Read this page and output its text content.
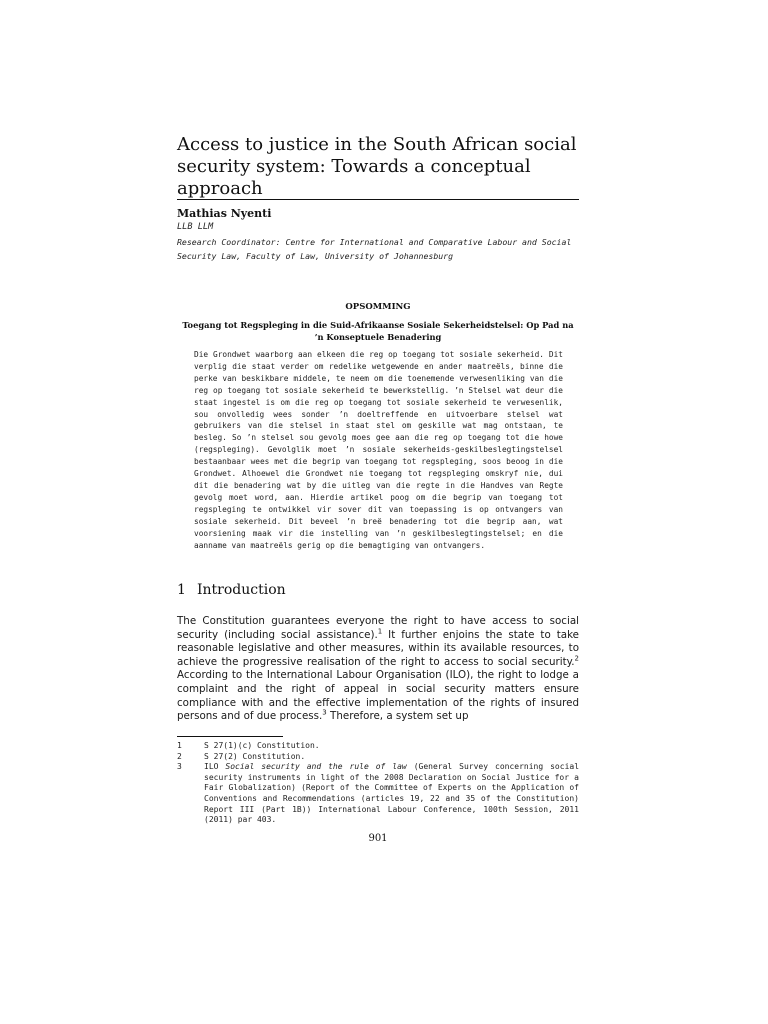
Access to justice in the South African social security system: Towards a conceptual approach
Mathias Nyenti
LLB LLM
Research Coordinator: Centre for International and Comparative Labour and Social Security Law, Faculty of Law, University of Johannesburg
OPSOMMING
Toegang tot Regspleging in die Suid-Afrikaanse Sosiale Sekerheidstelsel: Op Pad na ’n Konseptuele Benadering

Die Grondwet waarborg aan elkeen die reg op toegang tot sosiale sekerheid. Dit verplig die staat verder om redelike wetgewende en ander maatreëls, binne die perke van beskikbare middele, te neem om die toenemende verwesenliking van die reg op toegang tot sosiale sekerheid te bewerkstellig. ’n Stelsel wat deur die staat ingestel is om die reg op toegang tot sosiale sekerheid te verwesenlik, sou onvolledig wees sonder ’n doeltreffende en uitvoerbare stelsel wat gebruikers van die stelsel in staat stel om geskille wat mag ontstaan, te besleg. So ’n stelsel sou gevolg moes gee aan die reg op toegang tot die howe (regspleging). Gevolglik moet ’n sosiale sekerheids-geskilbeslegtingstelsel bestaanbaar wees met die begrip van toegang tot regspleging, soos beoog in die Grondwet. Alhoewel die Grondwet nie toegang tot regspleging omskryf nie, dui dit die benadering wat by die uitleg van die regte in die Handves van Regte gevolg moet word, aan. Hierdie artikel poog om die begrip van toegang tot regspleging te ontwikkel vir sover dit van toepassing is op ontvangers van sosiale sekerheid. Dit beveel ’n breë benadering tot die begrip aan, wat voorsiening maak vir die instelling van ’n geskilbeslegtingstelsel; en die aanname van maatreëls gerig op die bemagtiging van ontvangers.

1 Introduction

The Constitution guarantees everyone the right to have access to social security (including social assistance).$^1$ It further enjoins the state to take reasonable legislative and other measures, within its available resources, to achieve the progressive realisation of the right to access to social security.$^2$ According to the International Labour Organisation (ILO), the right to lodge a complaint and the right of appeal in social security matters ensure compliance with and the effective implementation of the rights of insured persons and of due process.$^3$ Therefore, a system set up

1	S 27(1)(c) Constitution.
2	S 27(2) Constitution.
3	ILO Social security and the rule of law (General Survey concerning social security instruments in light of the 2008 Declaration on Social Justice for a Fair Globalization) (Report of the Committee of Experts on the Application of Conventions and Recommendations (articles 19, 22 and 35 of the Constitution) Report III (Part 1B)) International Labour Conference, 100th Session, 2011 (2011) par 403.
901
